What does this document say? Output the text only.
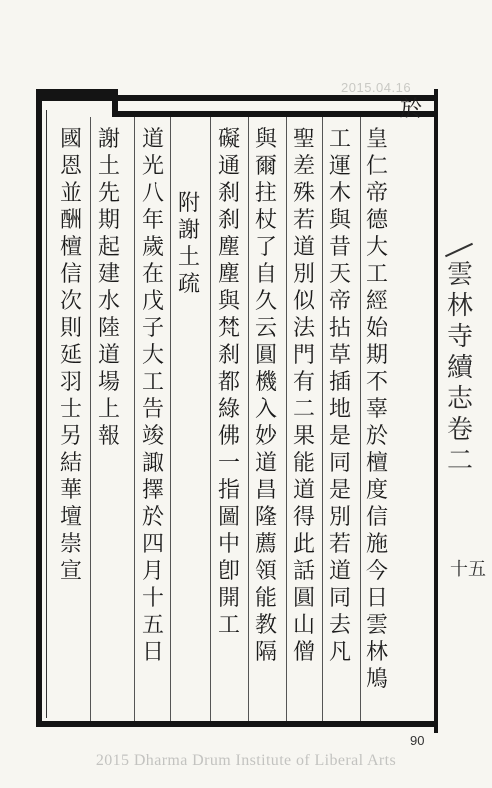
2015.04.16
於
皇
仁
帝
德
大
工
經
始
期
不
辜
於
檀
度
信
施
今
日
雲
林
鳩
工
運
木
與
昔
天
帝
拈
草
插
地
是
同
是
別
若
道
同
去
凡
聖
差
殊
若
道
別
似
法
門
有
二
果
能
道
得
此
話
圓
山
僧
與
爾
拄
杖
了
自
久
云
圓
機
入
妙
道
昌
隆
薦
領
能
教
隔
礙
通
刹
刹
塵
塵
與
梵
刹
都
綠
佛
一
指
圖
中
卽
開
工
附
謝
土
疏
道
光
八
年
歲
在
戊
子
大
工
告
竣
諏
擇
於
四
月
十
五
日
謝
土
先
期
起
建
水
陸
道
場
上
報
國
恩
並
酬
檀
信
次
則
延
羽
士
另
結
華
壇
崇
宣
雲
林
寺
續
志
卷
二
十五
90
2015 Dharma Drum Institute of Liberal Arts
